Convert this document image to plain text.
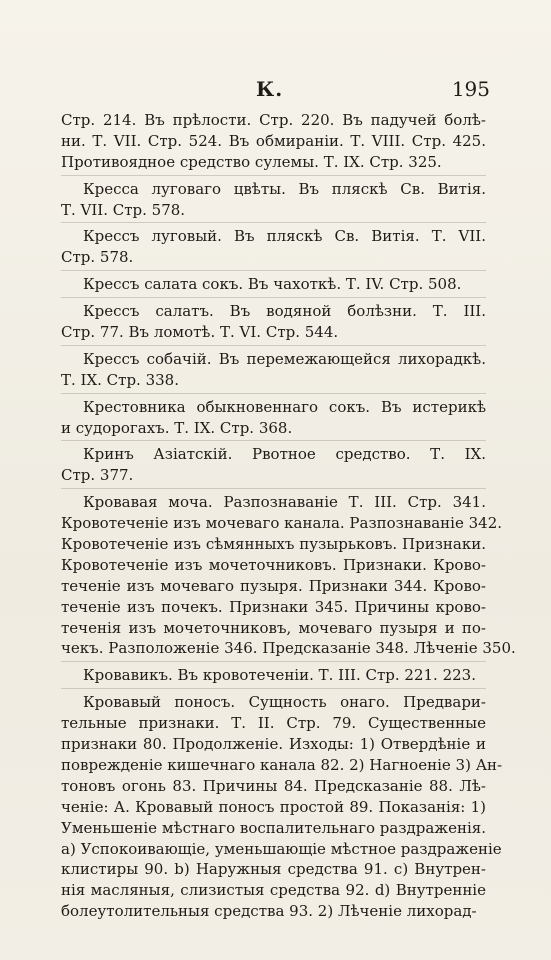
К.	195
Стр. 214. Въ прѣлости. Стр. 220. Въ падучей болѣ-
ни. Т. VII. Стр. 524. Въ обмираніи. Т. VIII. Стр. 425.
Противоядное средство сулемы. Т. IX. Стр. 325.
Кресса луговаго цвѣты. Въ пляскѣ Св. Витія.
Т. VII. Стр. 578.
Крессъ луговый. Въ пляскѣ Св. Витія. Т. VII.
Стр. 578.
Крессъ салата сокъ. Въ чахоткѣ. Т. IV. Стр. 508.
Крессъ салатъ. Въ водяной болѣзни. Т. III.
Стр. 77. Въ ломотѣ. Т. VI. Стр. 544.
Крессъ собачій. Въ перемежающейся лихорадкѣ.
Т. IX. Стр. 338.
Крестовника обыкновеннаго сокъ. Въ истерикѣ
и судорогахъ. Т. IX. Стр. 368.
Кринъ Азіатскій. Рвотное средство. Т. IX.
Стр. 377.
Кровавая моча. Разпознаваніе Т. III. Стр. 341.
Кровотеченіе изъ мочеваго канала. Разпознаваніе 342.
Кровотеченіе изъ сѣмянныхъ пузырьковъ. Признаки.
Кровотеченіе изъ мочеточниковъ. Признаки. Крово-
теченіе изъ мочеваго пузыря. Признаки 344. Крово-
теченіе изъ почекъ. Признаки 345. Причины крово-
теченія изъ мочеточниковъ, мочеваго пузыря и по-
чекъ. Разположеніе 346. Предсказаніе 348. Лѣченіе 350.
Кровавикъ. Въ кровотеченіи. Т. III. Стр. 221. 223.
Кровавый поносъ. Сущность онаго. Предвари-
тельные признаки. Т. II. Стр. 79. Существенные
признаки 80. Продолженіе. Изходы: 1) Отвердѣніе и
поврежденіе кишечнаго канала 82. 2) Нагноеніе 3) Ан-
тоновъ огонь 83. Причины 84. Предсказаніе 88. Лѣ-
ченіе: А. Кровавый поносъ простой 89. Показанія: 1)
Уменьшеніе мѣстнаго воспалительнаго раздраженія.
а) Успокоивающіе, уменьшающіе мѣстное раздраженіе
клистиры 90. b) Наружныя средства 91. c) Внутрен-
нія масляныя, слизистыя средства 92. d) Внутренніе
болеутолительныя средства 93. 2) Лѣченіе лихорад-
